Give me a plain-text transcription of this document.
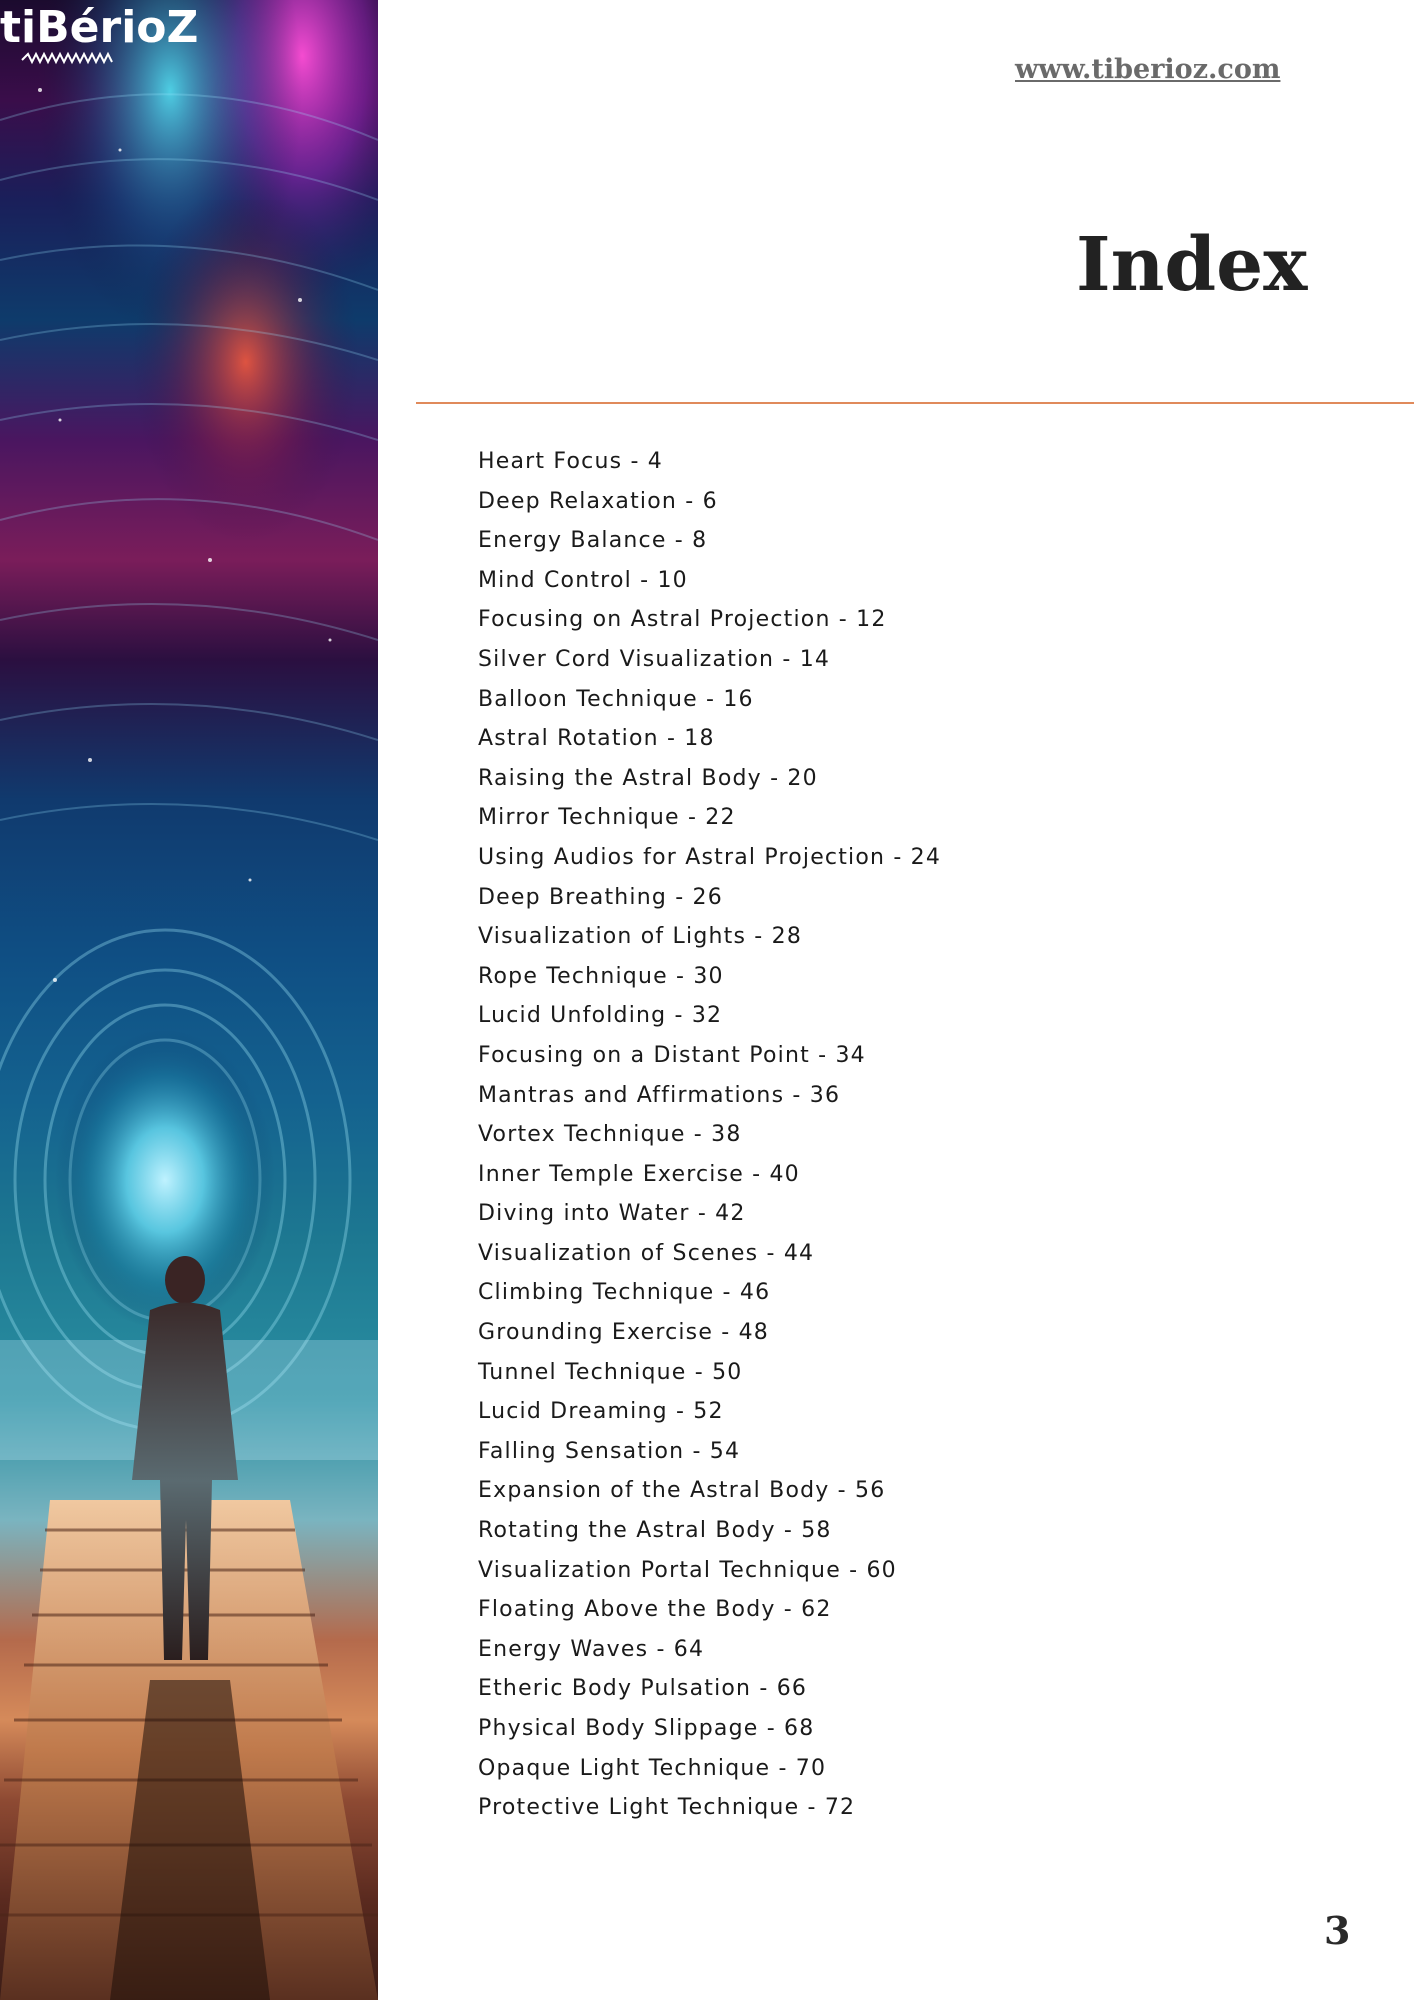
tiBérioZ
www.tiberioz.com
Index
Heart Focus - 4
Deep Relaxation - 6
Energy Balance - 8
Mind Control - 10
Focusing on Astral Projection - 12
Silver Cord Visualization - 14
Balloon Technique - 16
Astral Rotation - 18
Raising the Astral Body - 20
Mirror Technique - 22
Using Audios for Astral Projection - 24
Deep Breathing - 26
Visualization of Lights - 28
Rope Technique - 30
Lucid Unfolding - 32
Focusing on a Distant Point - 34
Mantras and Affirmations - 36
Vortex Technique - 38
Inner Temple Exercise - 40
Diving into Water - 42
Visualization of Scenes - 44
Climbing Technique - 46
Grounding Exercise - 48
Tunnel Technique - 50
Lucid Dreaming - 52
Falling Sensation - 54
Expansion of the Astral Body - 56
Rotating the Astral Body - 58
Visualization Portal Technique - 60
Floating Above the Body - 62
Energy Waves - 64
Etheric Body Pulsation - 66
Physical Body Slippage - 68
Opaque Light Technique - 70
Protective Light Technique - 72
3
